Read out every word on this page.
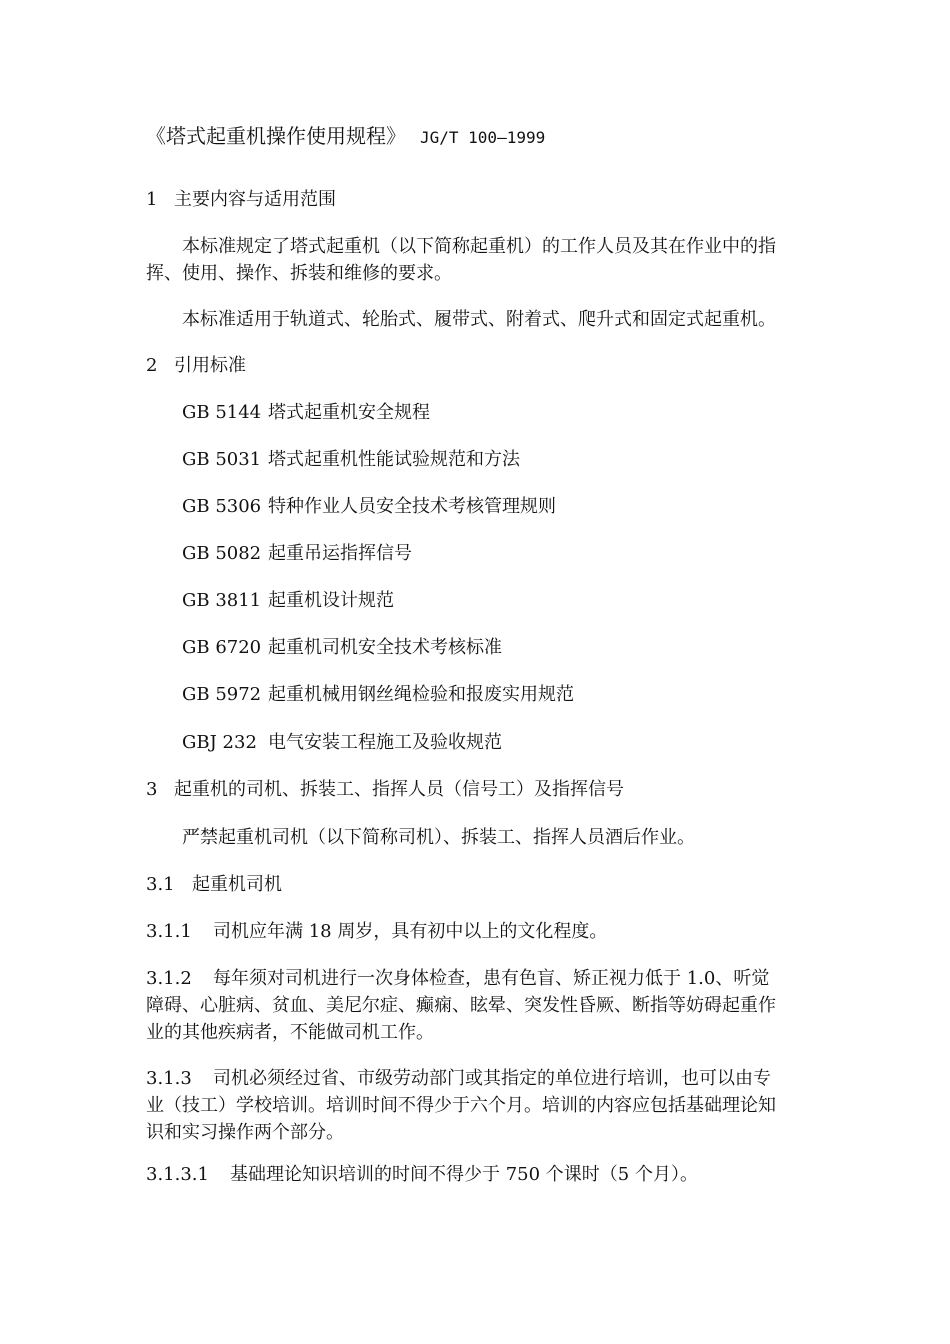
《塔式起重机操作使用规程》 JG/T 100—1999
1 主要内容与适用范围
本标准规定了塔式起重机（以下简称起重机）的工作人员及其在作业中的指
挥、使用、操作、拆装和维修的要求。
本标准适用于轨道式、轮胎式、履带式、附着式、爬升式和固定式起重机。
2 引用标准
GB 5144 塔式起重机安全规程
GB 5031 塔式起重机性能试验规范和方法
GB 5306 特种作业人员安全技术考核管理规则
GB 5082 起重吊运指挥信号
GB 3811 起重机设计规范
GB 6720 起重机司机安全技术考核标准
GB 5972 起重机械用钢丝绳检验和报废实用规范
GBJ 232 电气安装工程施工及验收规范
3 起重机的司机、拆装工、指挥人员（信号工）及指挥信号
严禁起重机司机（以下简称司机）、拆装工、指挥人员酒后作业。
3.1 起重机司机
3.1.1 司机应年满 18 周岁，具有初中以上的文化程度。
3.1.2 每年须对司机进行一次身体检查，患有色盲、矫正视力低于 1.0、听觉
障碍、心脏病、贫血、美尼尔症、癫痫、眩晕、突发性昏厥、断指等妨碍起重作
业的其他疾病者，不能做司机工作。
3.1.3 司机必须经过省、市级劳动部门或其指定的单位进行培训，也可以由专
业（技工）学校培训。培训时间不得少于六个月。培训的内容应包括基础理论知
识和实习操作两个部分。
3.1.3.1 基础理论知识培训的时间不得少于 750 个课时（5 个月）。
